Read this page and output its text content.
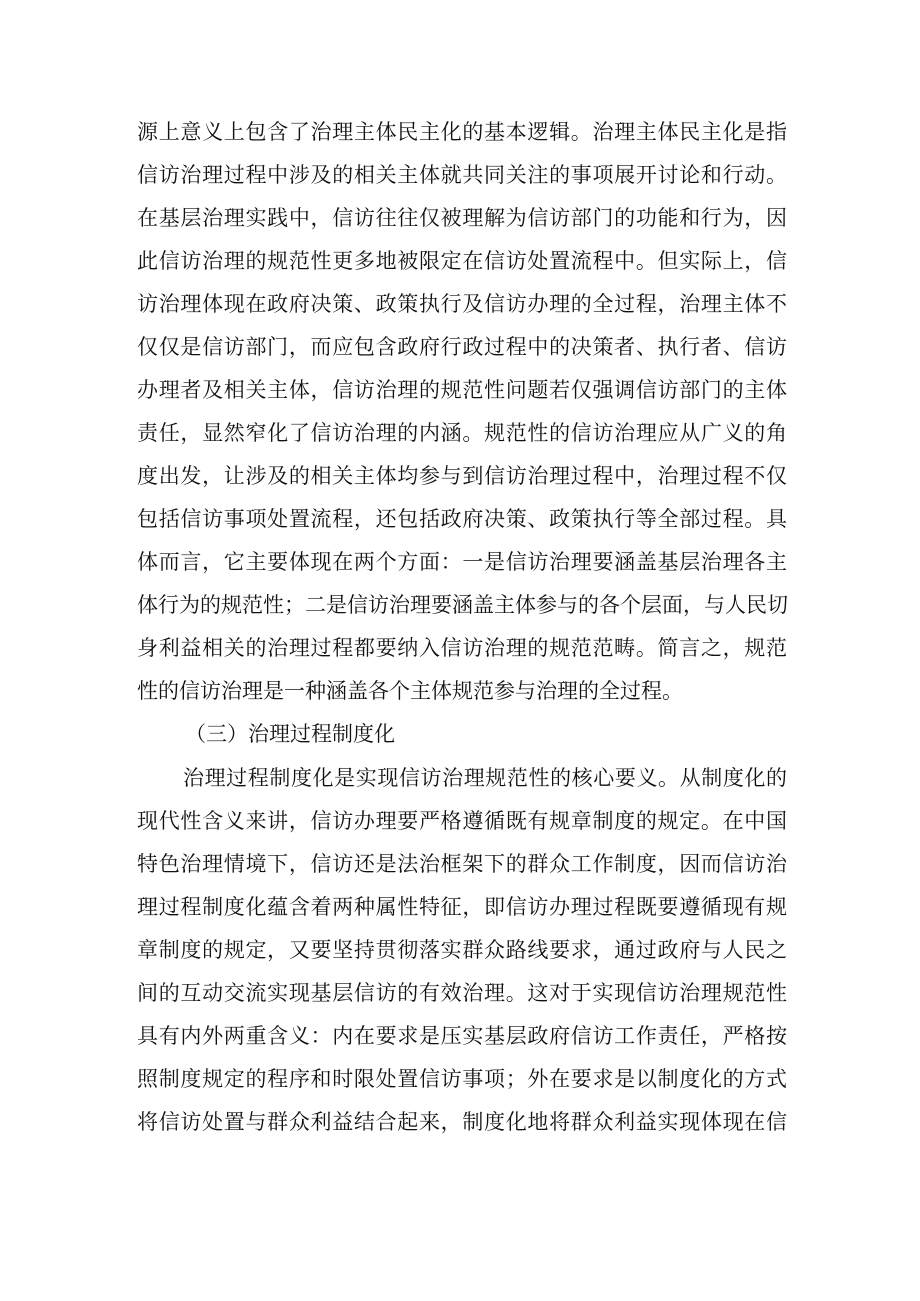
源上意义上包含了治理主体民主化的基本逻辑。治理主体民主化是指
信访治理过程中涉及的相关主体就共同关注的事项展开讨论和行动。
在基层治理实践中，信访往往仅被理解为信访部门的功能和行为，因
此信访治理的规范性更多地被限定在信访处置流程中。但实际上，信
访治理体现在政府决策、政策执行及信访办理的全过程，治理主体不
仅仅是信访部门，而应包含政府行政过程中的决策者、执行者、信访
办理者及相关主体，信访治理的规范性问题若仅强调信访部门的主体
责任，显然窄化了信访治理的内涵。规范性的信访治理应从广义的角
度出发，让涉及的相关主体均参与到信访治理过程中，治理过程不仅
包括信访事项处置流程，还包括政府决策、政策执行等全部过程。具
体而言，它主要体现在两个方面：一是信访治理要涵盖基层治理各主
体行为的规范性；二是信访治理要涵盖主体参与的各个层面，与人民切
身利益相关的治理过程都要纳入信访治理的规范范畴。简言之，规范
性的信访治理是一种涵盖各个主体规范参与治理的全过程。
（三）治理过程制度化
治理过程制度化是实现信访治理规范性的核心要义。从制度化的
现代性含义来讲，信访办理要严格遵循既有规章制度的规定。在中国
特色治理情境下，信访还是法治框架下的群众工作制度，因而信访治
理过程制度化蕴含着两种属性特征，即信访办理过程既要遵循现有规
章制度的规定，又要坚持贯彻落实群众路线要求，通过政府与人民之
间的互动交流实现基层信访的有效治理。这对于实现信访治理规范性
具有内外两重含义：内在要求是压实基层政府信访工作责任，严格按
照制度规定的程序和时限处置信访事项；外在要求是以制度化的方式
将信访处置与群众利益结合起来，制度化地将群众利益实现体现在信
